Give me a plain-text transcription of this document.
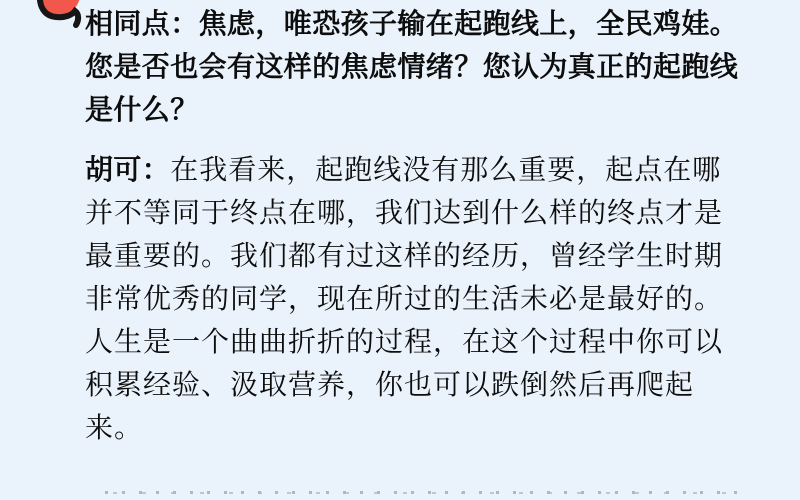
相同点：焦虑，唯恐孩子输在起跑线上，全民鸡娃。
您是否也会有这样的焦虑情绪？您认为真正的起跑线
是什么？
胡可：在我看来，起跑线没有那么重要，起点在哪
并不等同于终点在哪，我们达到什么样的终点才是
最重要的。我们都有过这样的经历，曾经学生时期
非常优秀的同学，现在所过的生活未必是最好的。
人生是一个曲曲折折的过程，在这个过程中你可以
积累经验、汲取营养，你也可以跌倒然后再爬起
来。
